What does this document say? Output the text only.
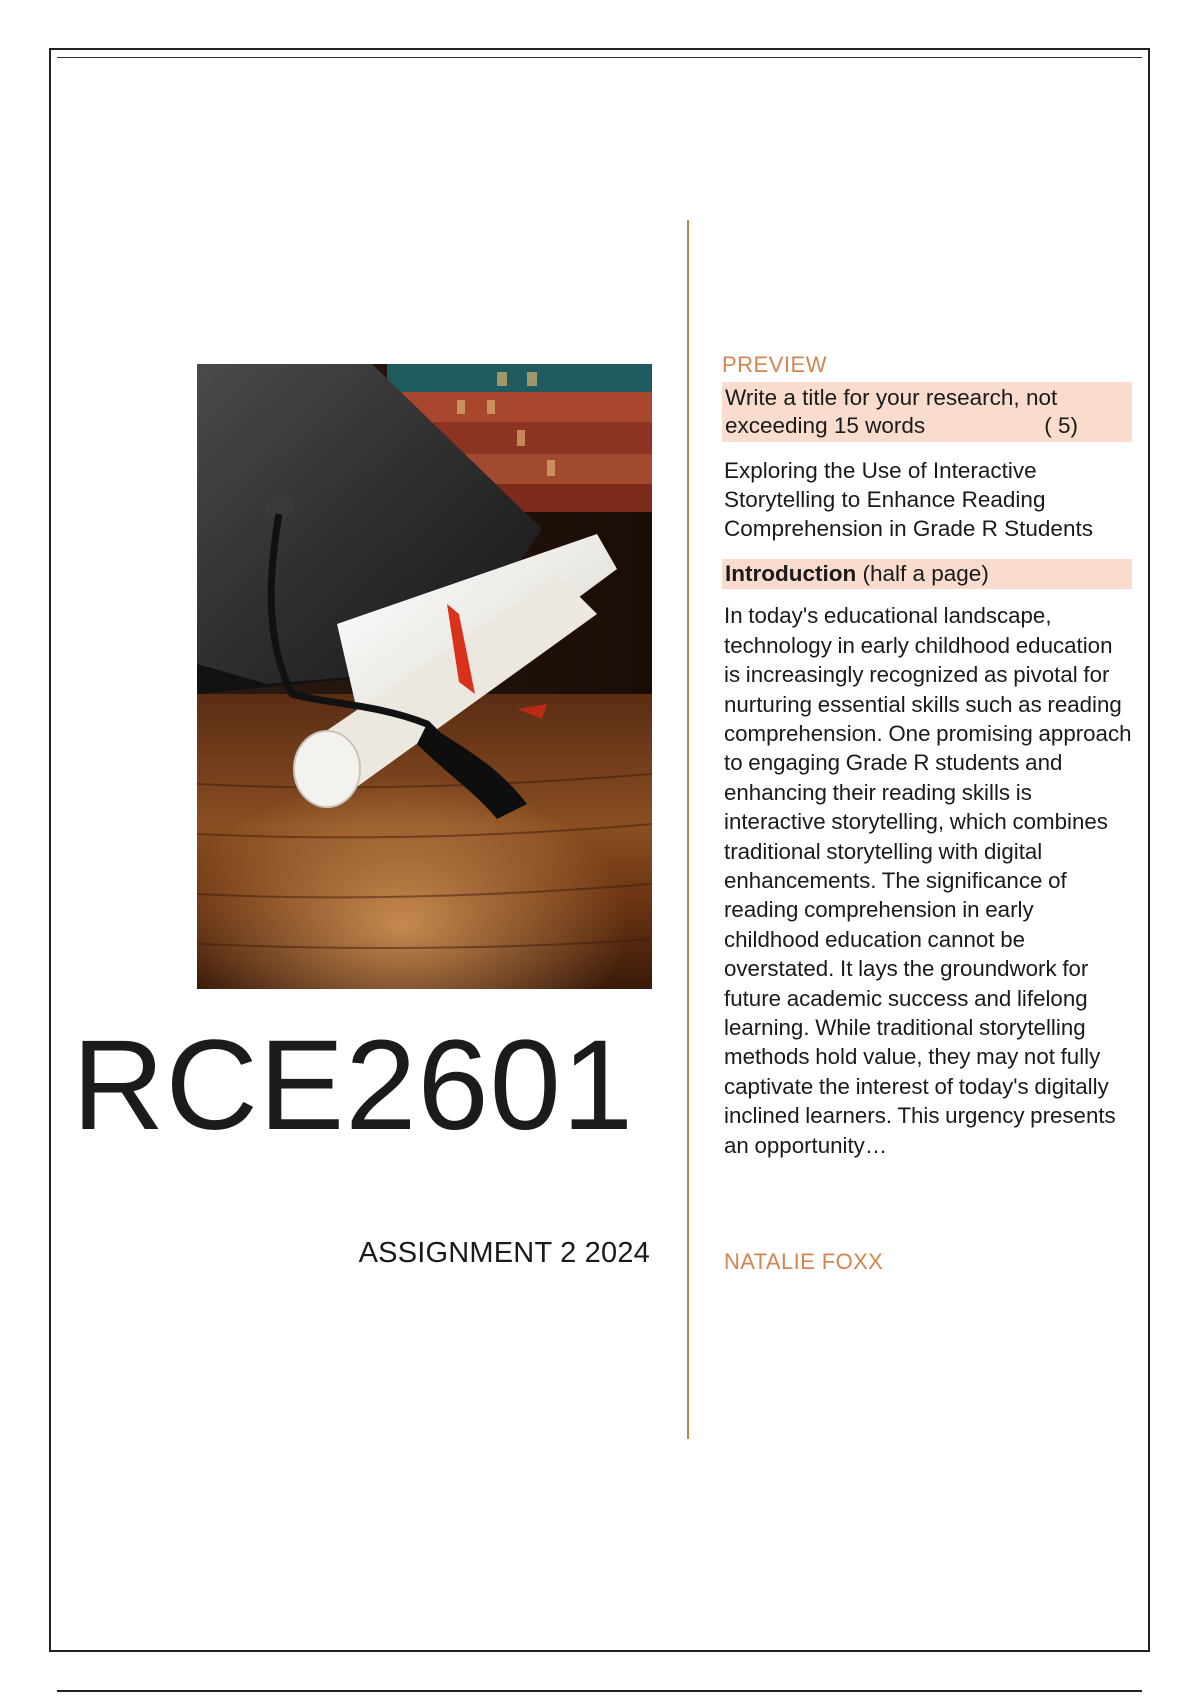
RCE2601
ASSIGNMENT 2 2024
PREVIEW
Write a title for your research, not
exceeding 15 words	( 5)
Exploring the Use of Interactive Storytelling to Enhance Reading Comprehension in Grade R Students
Introduction (half a page)
In today's educational landscape, technology in early childhood education is increasingly recognized as pivotal for nurturing essential skills such as reading comprehension. One promising approach to engaging Grade R students and enhancing their reading skills is interactive storytelling, which combines traditional storytelling with digital enhancements. The significance of reading comprehension in early childhood education cannot be overstated. It lays the groundwork for future academic success and lifelong learning. While traditional storytelling methods hold value, they may not fully captivate the interest of today's digitally inclined learners. This urgency presents an opportunity…
NATALIE FOXX
